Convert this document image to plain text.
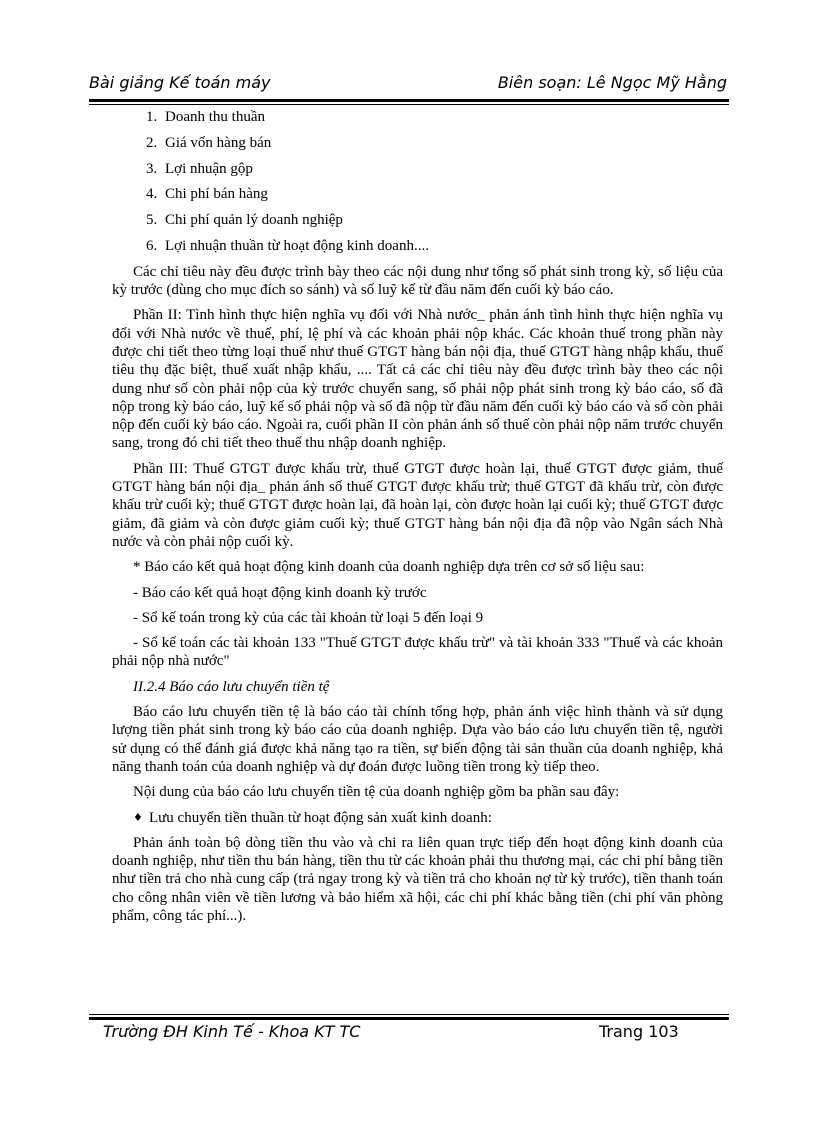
Bài giảng Kế toán máy	Biên soạn: Lê Ngọc Mỹ Hằng
1. Doanh thu thuần
2. Giá vốn hàng bán
3. Lợi nhuận gộp
4. Chi phí bán hàng
5. Chi phí quản lý doanh nghiệp
6. Lợi nhuận thuần từ hoạt động kinh doanh....

Các chỉ tiêu này đều được trình bày theo các nội dung như tổng số phát sinh trong kỳ, số liệu của kỳ trước (dùng cho mục đích so sánh) và số luỹ kế từ đầu năm đến cuối kỳ báo cáo.

Phần II: Tình hình thực hiện nghĩa vụ đối với Nhà nước_ phản ánh tình hình thực hiện nghĩa vụ đối với Nhà nước về thuế, phí, lệ phí và các khoản phải nộp khác. Các khoản thuế trong phần này được chi tiết theo từng loại thuế như thuế GTGT hàng bán nội địa, thuế GTGT hàng nhập khẩu, thuế tiêu thụ đặc biệt, thuế xuất nhập khẩu, .... Tất cả các chỉ tiêu này đều được trình bày theo các nội dung như số còn phải nộp của kỳ trước chuyển sang, số phải nộp phát sinh trong kỳ báo cáo, số đã nộp trong kỳ báo cáo, luỹ kế số phải nộp và số đã nộp từ đầu năm đến cuối kỳ báo cáo và số còn phải nộp đến cuối kỳ báo cáo. Ngoài ra, cuối phần II còn phản ánh số thuế còn phải nộp năm trước chuyển sang, trong đó chi tiết theo thuế thu nhập doanh nghiệp.

Phần III: Thuế GTGT được khấu trừ, thuế GTGT được hoàn lại, thuế GTGT được giảm, thuế GTGT hàng bán nội địa_ phản ánh số thuế GTGT được khấu trừ; thuế GTGT đã khấu trừ, còn được khấu trừ cuối kỳ; thuế GTGT được hoàn lại, đã hoàn lại, còn được hoàn lại cuối kỳ; thuế GTGT được giảm, đã giảm và còn được giảm cuối kỳ; thuế GTGT hàng bán nội địa đã nộp vào Ngân sách Nhà nước và còn phải nộp cuối kỳ.

* Báo cáo kết quả hoạt động kinh doanh của doanh nghiệp dựa trên cơ sở số liệu sau:

- Báo cáo kết quả hoạt động kinh doanh kỳ trước

- Sổ kế toán trong kỳ của các tài khoản từ loại 5 đến loại 9

- Sổ kế toán các tài khoản 133 "Thuế GTGT được khấu trừ" và tài khoản 333 "Thuế và các khoản phải nộp nhà nước"

II.2.4 Báo cáo lưu chuyển tiền tệ

Báo cáo lưu chuyển tiền tệ là báo cáo tài chính tổng hợp, phản ánh việc hình thành và sử dụng lượng tiền phát sinh trong kỳ báo cáo của doanh nghiệp. Dựa vào báo cáo lưu chuyển tiền tệ, người sử dụng có thể đánh giá được khả năng tạo ra tiền, sự biến động tài sản thuần của doanh nghiệp, khả năng thanh toán của doanh nghiệp và dự đoán được luồng tiền trong kỳ tiếp theo.

Nội dung của báo cáo lưu chuyển tiền tệ của doanh nghiệp gồm ba phần sau đây:

♦ Lưu chuyển tiền thuần từ hoạt động sản xuất kinh doanh:

Phản ánh toàn bộ dòng tiền thu vào và chi ra liên quan trực tiếp đến hoạt động kinh doanh của doanh nghiệp, như tiền thu bán hàng, tiền thu từ các khoản phải thu thương mại, các chi phí bằng tiền như tiền trả cho nhà cung cấp (trả ngay trong kỳ và tiền trả cho khoản nợ từ kỳ trước), tiền thanh toán cho công nhân viên về tiền lương và bảo hiểm xã hội, các chi phí khác bằng tiền (chi phí văn phòng phẩm, công tác phí...).

Trường ĐH Kinh Tế - Khoa KT TC	Trang 103
